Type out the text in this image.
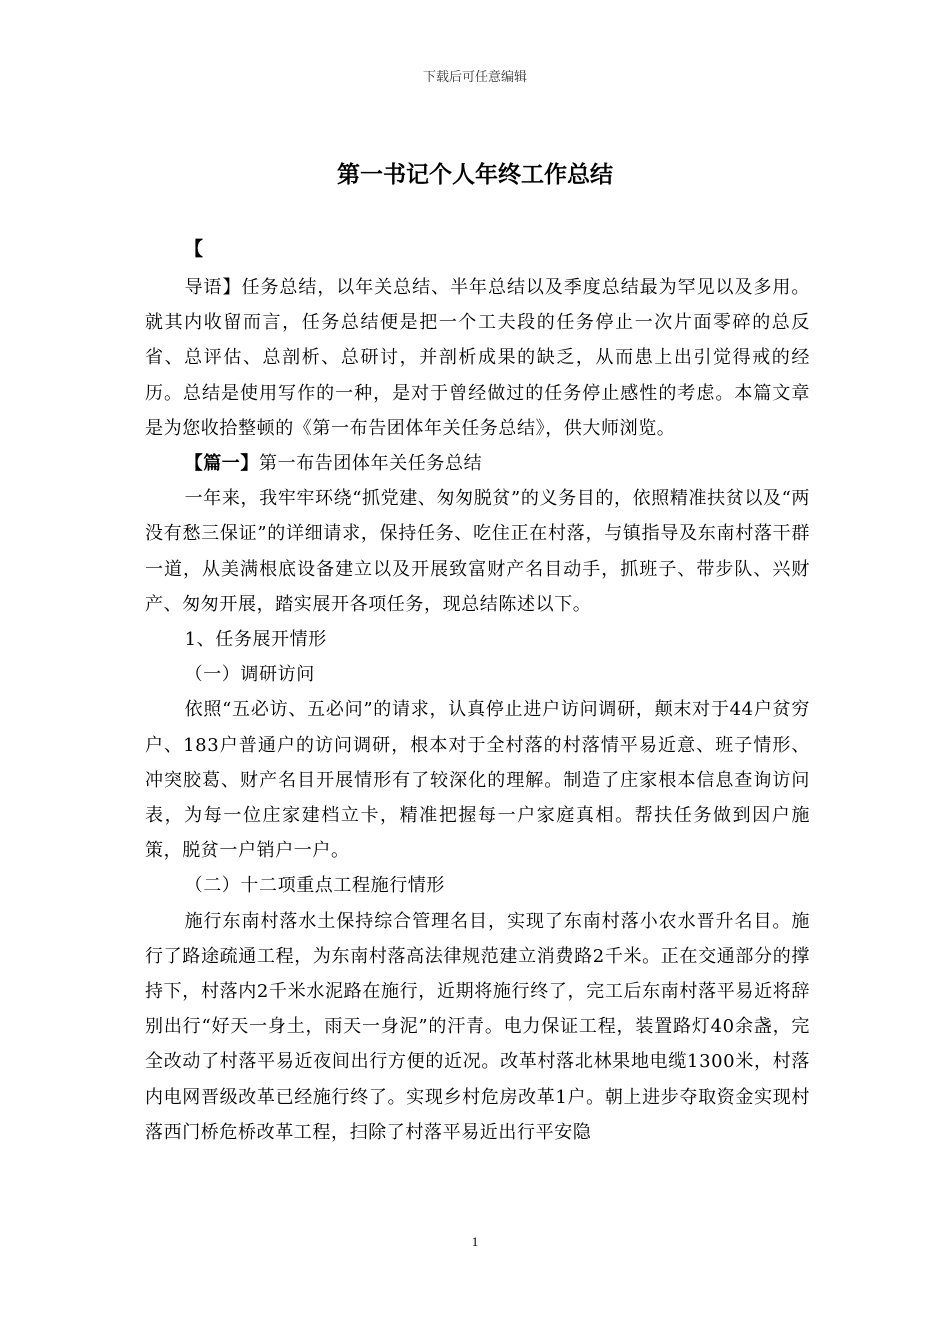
下载后可任意编辑
第一书记个人年终工作总结
【

导语】任务总结，以年关总结、半年总结以及季度总结最为罕见以及多用。就其内收留而言，任务总结便是把一个工夫段的任务停止一次片面零碎的总反省、总评估、总剖析、总研讨，并剖析成果的缺乏，从而患上出引觉得戒的经历。总结是使用写作的一种，是对于曾经做过的任务停止感性的考虑。本篇文章是为您收拾整顿的《第一布告团体年关任务总结》，供大师浏览。

【篇一】第一布告团体年关任务总结

一年来，我牢牢环绕“抓党建、匆匆脱贫”的义务目的，依照精准扶贫以及“两没有愁三保证”的详细请求，保持任务、吃住正在村落，与镇指导及东南村落干群一道，从美满根底设备建立以及开展致富财产名目动手，抓班子、带步队、兴财产、匆匆开展，踏实展开各项任务，现总结陈述以下。

1、任务展开情形

（一）调研访问

依照“五必访、五必问”的请求，认真停止进户访问调研，颠末对于44户贫穷户、183户普通户的访问调研，根本对于全村落的村落情平易近意、班子情形、冲突胶葛、财产名目开展情形有了较深化的理解。制造了庄家根本信息查询访问表，为每一位庄家建档立卡，精准把握每一户家庭真相。帮扶任务做到因户施策，脱贫一户销户一户。

（二）十二项重点工程施行情形

施行东南村落水土保持综合管理名目，实现了东南村落小农水晋升名目。施行了路途疏通工程，为东南村落高法律规范建立消费路2千米。正在交通部分的撑持下，村落内2千米水泥路在施行，近期将施行终了，完工后东南村落平易近将辞别出行“好天一身土，雨天一身泥”的汗青。电力保证工程，装置路灯40余盏，完全改动了村落平易近夜间出行方便的近况。改革村落北林果地电缆1300米，村落内电网晋级改革已经施行终了。实现乡村危房改革1户。朝上进步夺取资金实现村落西门桥危桥改革工程，扫除了村落平易近出行平安隐

1
